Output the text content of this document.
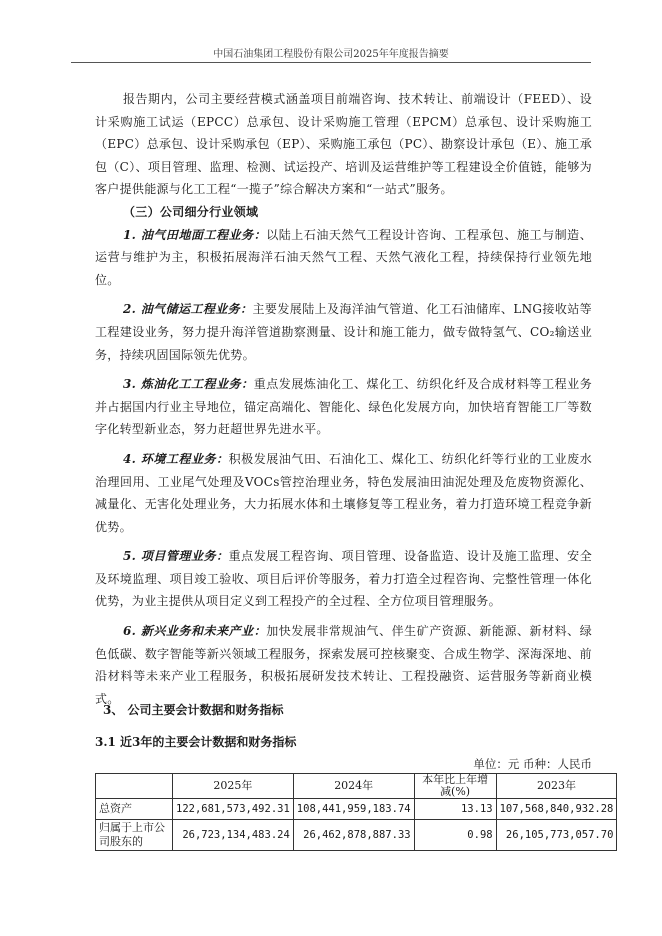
中国石油集团工程股份有限公司2025年年度报告摘要

报告期内，公司主要经营模式涵盖项目前端咨询、技术转让、前端设计（FEED）、设计采购施工试运（EPCC）总承包、设计采购施工管理（EPCM）总承包、设计采购施工（EPC）总承包、设计采购承包（EP）、采购施工承包（PC）、勘察设计承包（E）、施工承包（C）、项目管理、监理、检测、试运投产、培训及运营维护等工程建设全价值链，能够为客户提供能源与化工工程“一揽子”综合解决方案和“一站式”服务。

（三）公司细分行业领域

1. 油气田地面工程业务：以陆上石油天然气工程设计咨询、工程承包、施工与制造、运营与维护为主，积极拓展海洋石油天然气工程、天然气液化工程，持续保持行业领先地位。

2. 油气储运工程业务：主要发展陆上及海洋油气管道、化工石油储库、LNG接收站等工程建设业务，努力提升海洋管道勘察测量、设计和施工能力，做专做特氢气、CO₂输送业务，持续巩固国际领先优势。

3. 炼油化工工程业务：重点发展炼油化工、煤化工、纺织化纤及合成材料等工程业务并占据国内行业主导地位，锚定高端化、智能化、绿色化发展方向，加快培育智能工厂等数字化转型新业态，努力赶超世界先进水平。

4. 环境工程业务：积极发展油气田、石油化工、煤化工、纺织化纤等行业的工业废水治理回用、工业尾气处理及VOCs管控治理业务，特色发展油田油泥处理及危废物资源化、减量化、无害化处理业务，大力拓展水体和土壤修复等工程业务，着力打造环境工程竞争新优势。

5. 项目管理业务：重点发展工程咨询、项目管理、设备监造、设计及施工监理、安全及环境监理、项目竣工验收、项目后评价等服务，着力打造全过程咨询、完整性管理一体化优势，为业主提供从项目定义到工程投产的全过程、全方位项目管理服务。

6. 新兴业务和未来产业：加快发展非常规油气、伴生矿产资源、新能源、新材料、绿色低碳、数字智能等新兴领域工程服务，探索发展可控核聚变、合成生物学、深海深地、前沿材料等未来产业工程服务，积极拓展研发技术转让、工程投融资、运营服务等新商业模式。

3、 公司主要会计数据和财务指标
3.1 近3年的主要会计数据和财务指标
单位：元 币种：人民币
	2025年	2024年	本年比上年增减(%)	2023年
总资产	122,681,573,492.31	108,441,959,183.74	13.13	107,568,840,932.28
归属于上市公司股东的	26,723,134,483.24	26,462,878,887.33	0.98	26,105,773,057.70
